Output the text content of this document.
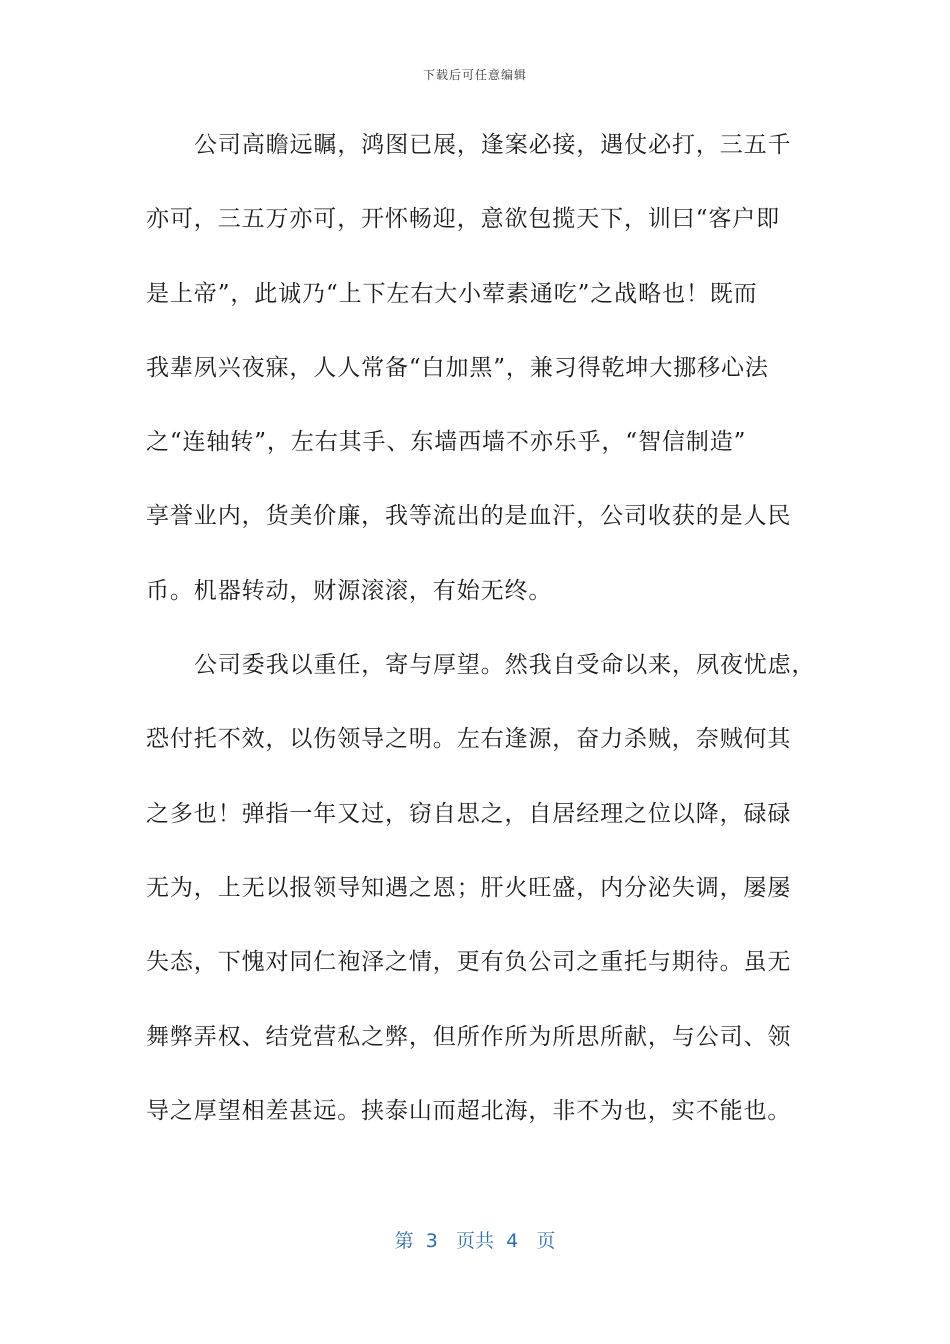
下载后可任意编辑
公司高瞻远瞩，鸿图已展，逢案必接，遇仗必打，三五千
亦可，三五万亦可，开怀畅迎，意欲包揽天下，训曰“客户即
是上帝”，此诚乃“上下左右大小荤素通吃”之战略也！既而
我辈夙兴夜寐，人人常备“白加黑”，兼习得乾坤大挪移心法
之“连轴转”，左右其手、东墙西墙不亦乐乎，“智信制造”
享誉业内，货美价廉，我等流出的是血汗，公司收获的是人民
币。机器转动，财源滚滚，有始无终。
公司委我以重任，寄与厚望。然我自受命以来，夙夜忧虑，
恐付托不效，以伤领导之明。左右逢源，奋力杀贼，奈贼何其
之多也！弹指一年又过，窃自思之，自居经理之位以降，碌碌
无为，上无以报领导知遇之恩；肝火旺盛，内分泌失调，屡屡
失态，下愧对同仁袍泽之情，更有负公司之重托与期待。虽无
舞弊弄权、结党营私之弊，但所作所为所思所献，与公司、领
导之厚望相差甚远。挟泰山而超北海，非不为也，实不能也。
第 3 页共 4 页
